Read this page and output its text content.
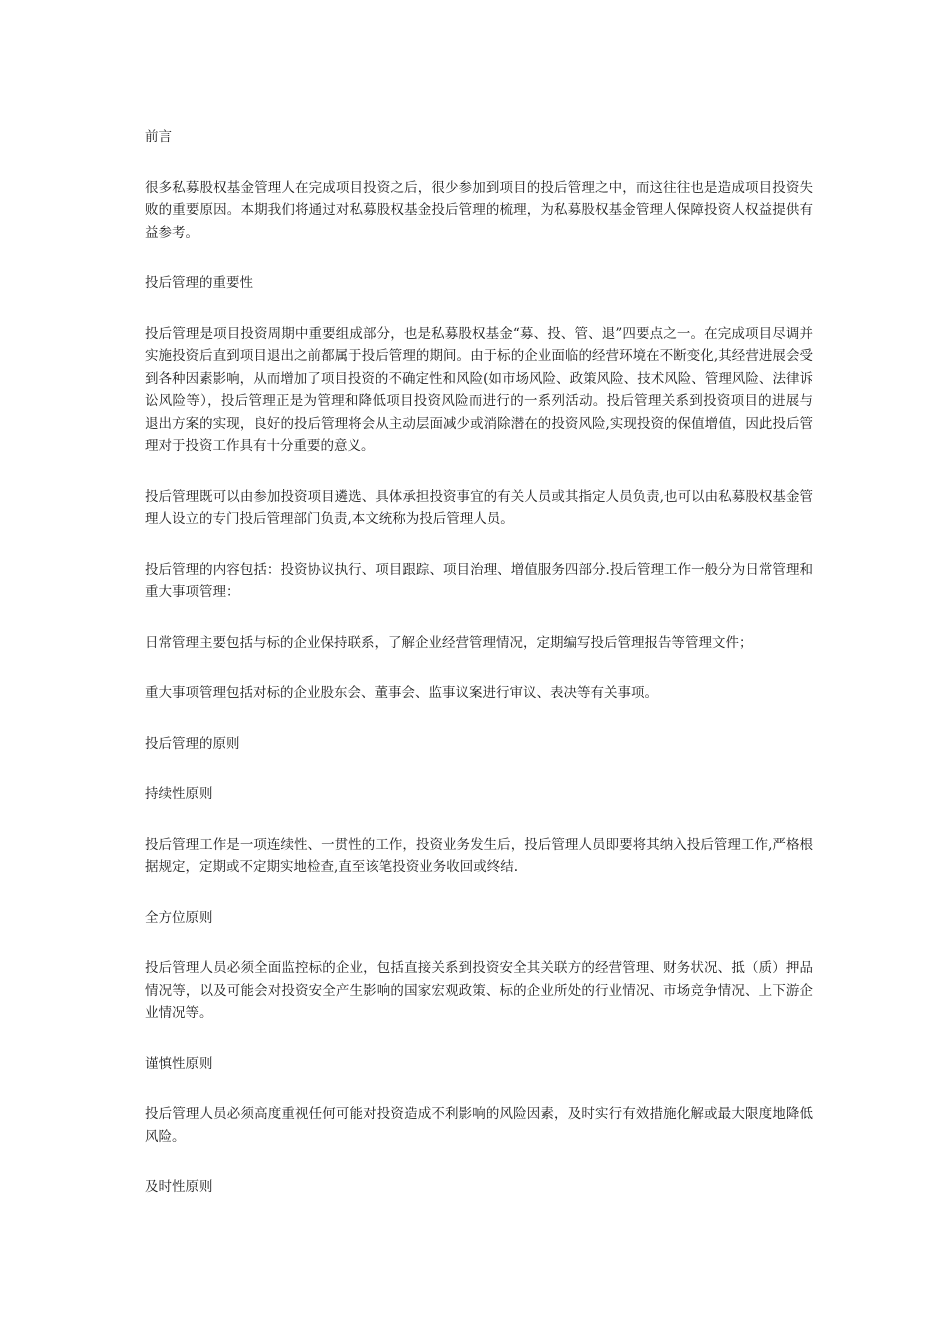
前言

很多私募股权基金管理人在完成项目投资之后，很少参加到项目的投后管理之中，而这往往也是造成项目投资失败的重要原因。本期我们将通过对私募股权基金投后管理的梳理，为私募股权基金管理人保障投资人权益提供有益参考。

投后管理的重要性

投后管理是项目投资周期中重要组成部分，也是私募股权基金“募、投、管、退”四要点之一。在完成项目尽调并实施投资后直到项目退出之前都属于投后管理的期间。由于标的企业面临的经营环境在不断变化,其经营进展会受到各种因素影响，从而增加了项目投资的不确定性和风险(如市场风险、政策风险、技术风险、管理风险、法律诉讼风险等），投后管理正是为管理和降低项目投资风险而进行的一系列活动。投后管理关系到投资项目的进展与退出方案的实现，良好的投后管理将会从主动层面减少或消除潜在的投资风险,实现投资的保值增值，因此投后管理对于投资工作具有十分重要的意义。

投后管理既可以由参加投资项目遴选、具体承担投资事宜的有关人员或其指定人员负责,也可以由私募股权基金管理人设立的专门投后管理部门负责,本文统称为投后管理人员。

投后管理的内容包括：投资协议执行、项目跟踪、项目治理、增值服务四部分.投后管理工作一般分为日常管理和重大事项管理：

日常管理主要包括与标的企业保持联系，了解企业经营管理情况，定期编写投后管理报告等管理文件；

重大事项管理包括对标的企业股东会、董事会、监事议案进行审议、表决等有关事项。

投后管理的原则

持续性原则

投后管理工作是一项连续性、一贯性的工作，投资业务发生后，投后管理人员即要将其纳入投后管理工作,严格根据规定，定期或不定期实地检查,直至该笔投资业务收回或终结.

全方位原则

投后管理人员必须全面监控标的企业，包括直接关系到投资安全其关联方的经营管理、财务状况、抵（质）押品情况等，以及可能会对投资安全产生影响的国家宏观政策、标的企业所处的行业情况、市场竞争情况、上下游企业情况等。

谨慎性原则

投后管理人员必须高度重视任何可能对投资造成不利影响的风险因素，及时实行有效措施化解或最大限度地降低风险。

及时性原则
